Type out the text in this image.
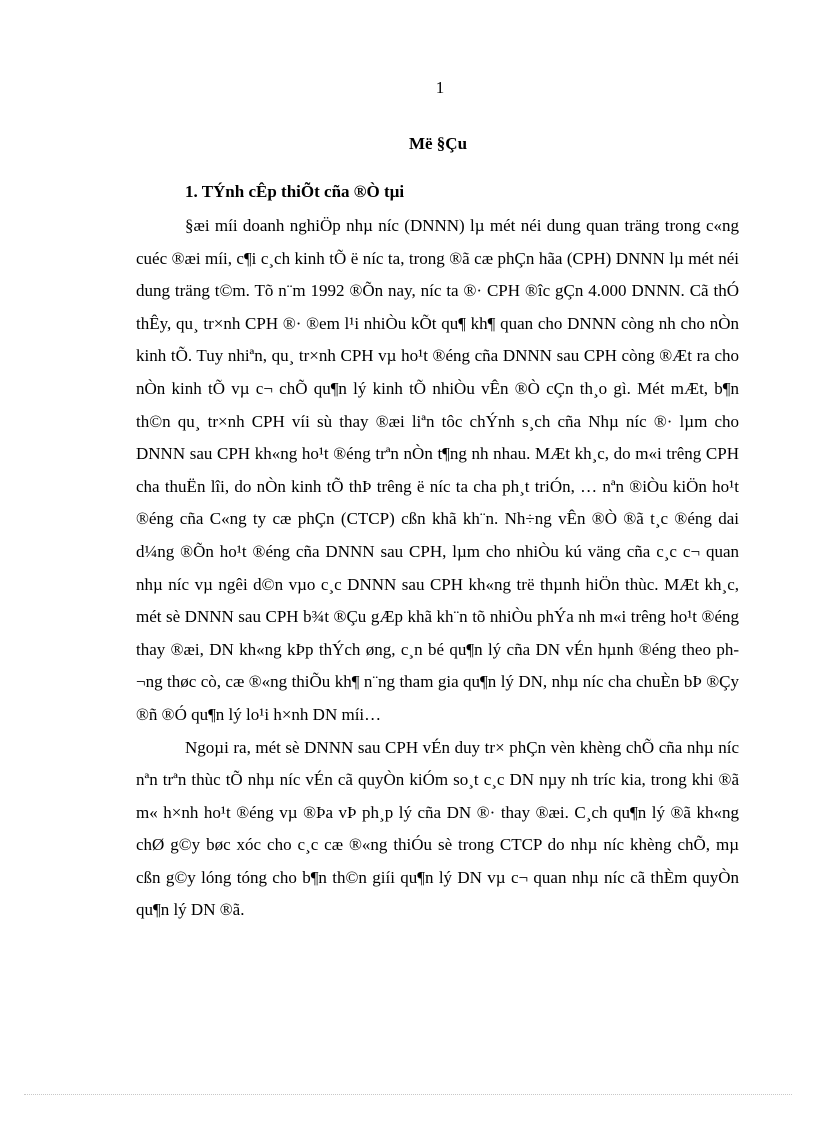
1
Më §Çu
1. TÝnh cÊp thiÕt cña ®Ò tµi

§æi míi doanh nghiÖp nhµ níc (DNNN) lµ mét néi dung quan träng trong c«ng cuéc ®æi míi, c¶i c¸ch kinh tÕ ë níc ta, trong ®ã cæ phÇn hãa (CPH) DNNN lµ mét néi dung träng t©m. Tõ n¨m 1992 ®Õn nay, níc ta ®· CPH ®îc gÇn 4.000 DNNN. Cã thÓ thÊy, qu¸ tr×nh CPH ®· ®em l¹i nhiÒu kÕt qu¶ kh¶ quan cho DNNN còng nh cho nÒn kinh tÕ. Tuy nhiªn, qu¸ tr×nh CPH vµ ho¹t ®éng cña DNNN sau CPH còng ®Æt ra cho nÒn kinh tÕ vµ c¬ chÕ qu¶n lý kinh tÕ nhiÒu vÊn ®Ò cÇn th¸o gì. Mét mÆt, b¶n th©n qu¸ tr×nh CPH víi sù thay ®æi liªn tôc chÝnh s¸ch cña Nhµ níc ®· lµm cho DNNN sau CPH kh«ng ho¹t ®éng trªn nÒn t¶ng nh nhau. MÆt kh¸c, do m«i trêng CPH cha thuËn lîi, do nÒn kinh tÕ thÞ trêng ë níc ta cha ph¸t triÓn, … nªn ®iÒu kiÖn ho¹t ®éng cña C«ng ty cæ phÇn (CTCP) cßn khã kh¨n. Nh÷ng vÊn ®Ò ®ã t¸c ®éng dai d¼ng ®Õn ho¹t ®éng cña DNNN sau CPH, lµm cho nhiÒu kú väng cña c¸c c¬ quan nhµ níc vµ ngêi d©n vµo c¸c DNNN sau CPH kh«ng trë thµnh hiÖn thùc. MÆt kh¸c, mét sè DNNN sau CPH b¾t ®Çu gÆp khã kh¨n tõ nhiÒu phÝa nh m«i trêng ho¹t ®éng thay ®æi, DN kh«ng kÞp thÝch øng, c¸n bé qu¶n lý cña DN vÉn hµnh ®éng theo ph¬ng thøc cò, cæ ®«ng thiÕu kh¶ n¨ng tham gia qu¶n lý DN, nhµ níc cha chuÈn bÞ ®Çy ®ñ ®Ó qu¶n lý lo¹i h×nh DN míi…

Ngoµi ra, mét sè DNNN sau CPH vÉn duy tr× phÇn vèn khèng chÕ cña nhµ níc nªn trªn thùc tÕ nhµ níc vÉn cã quyÒn kiÓm so¸t c¸c DN nµy nh tríc kia, trong khi ®ã m« h×nh ho¹t ®éng vµ ®Þa vÞ ph¸p lý cña DN ®· thay ®æi. C¸ch qu¶n lý ®ã kh«ng chØ g©y bøc xóc cho c¸c cæ ®«ng thiÓu sè trong CTCP do nhµ níc khèng chÕ, mµ cßn g©y lóng tóng cho b¶n th©n giíi qu¶n lý DN vµ c¬ quan nhµ níc cã thÈm quyÒn qu¶n lý DN ®ã.
